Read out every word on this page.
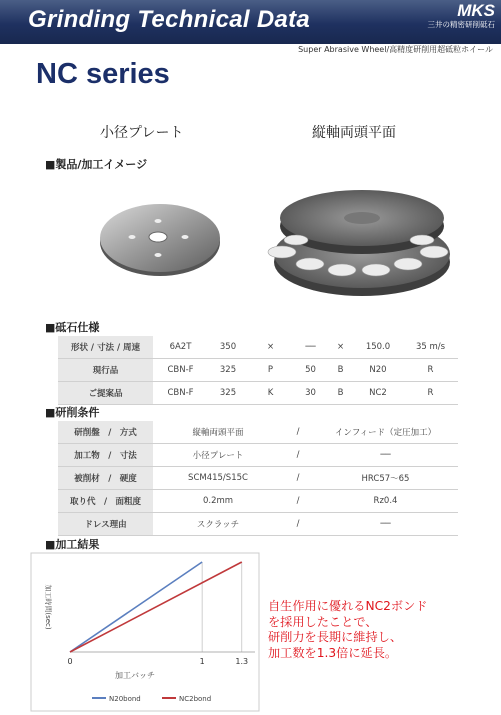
Grinding Technical Data	MKS
三井の精密研削砥石
Super Abrasive Wheel/高精度研削用超砥粒ホイール
NC series
小径プレート	縦軸両頭平面
■製品/加工イメージ
■砥石仕様
形状 / 寸法 / 周速	6A2T	350	×	──	×	150.0	35 m/s
現行品	CBN-F	325	P	50	B	N20	R
ご提案品	CBN-F	325	K	30	B	NC2	R
■研削条件
研削盤　/　方式	縦軸両頭平面	/	インフィード（定圧加工）
加工物　/　寸法	小径プレート	/	──
被削材　/　硬度	SCM415/S15C	/	HRC57～65
取り代　/　面粗度	0.2mm	/	Rz0.4
ドレス理由	スクラッチ	/	──
■加工結果
0	1	1.3
加工バッチ
加工時間(sec)
N20bond	NC2bond
自生作用に優れるNC2ボンド
を採用したことで、
研削力を長期に維持し、
加工数を1.3倍に延長。
